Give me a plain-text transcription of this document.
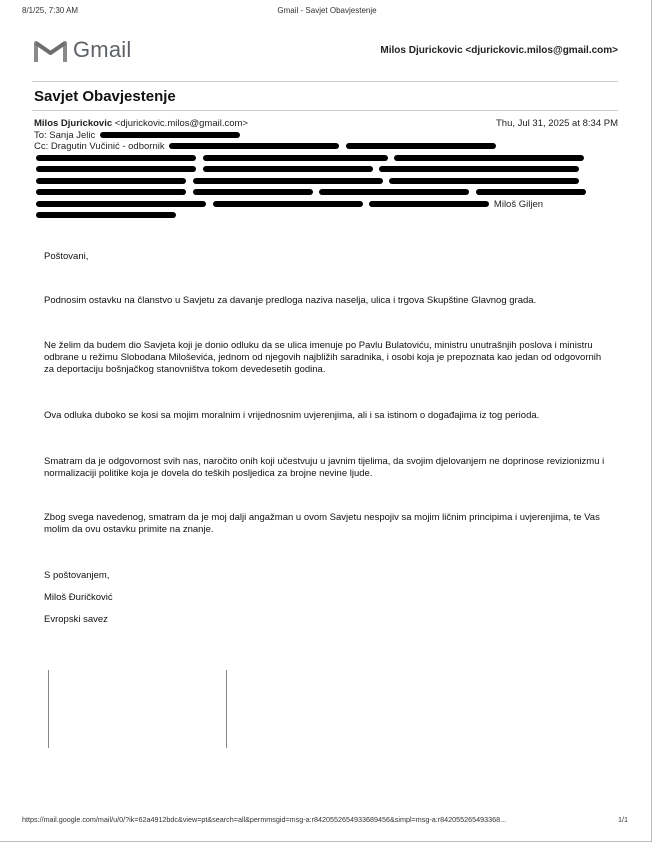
8/1/25, 7:30 AM	Gmail - Savjet Obavjestenje
Gmail	Milos Djurickovic <djurickovic.milos@gmail.com>
Savjet Obavjestenje
Milos Djurickovic <djurickovic.milos@gmail.com>	Thu, Jul 31, 2025 at 8:34 PM
To: Sanja Jelic
Cc: Dragutin Vučinić - odbornik

Miloš Giljen
Poštovani,
Podnosim ostavku na članstvo u Savjetu za davanje predloga naziva naselja, ulica i trgova Skupštine Glavnog grada.
Ne želim da budem dio Savjeta koji je donio odluku da se ulica imenuje po Pavlu Bulatoviću, ministru unutrašnjih poslova i ministru odbrane u režimu Slobodana Miloševića, jednom od njegovih najbližih saradnika, i osobi koja je prepoznata kao jedan od odgovornih za deportaciju bošnjačkog stanovništva tokom devedesetih godina.
Ova odluka duboko se kosi sa mojim moralnim i vrijednosnim uvjerenjima, ali i sa istinom o događajima iz tog perioda.
Smatram da je odgovornost svih nas, naročito onih koji učestvuju u javnim tijelima, da svojim djelovanjem ne doprinose revizionizmu i normalizaciji politike koja je dovela do teških posljedica za brojne nevine ljude.
Zbog svega navedenog, smatram da je moj dalji angažman u ovom Savjetu nespojiv sa mojim ličnim principima i uvjerenjima, te Vas molim da ovu ostavku primite na znanje.
S poštovanjem,
Miloš Đuričković
Evropski savez
https://mail.google.com/mail/u/0/?ik=62a4912bdc&view=pt&search=all&permmsgid=msg-a:r8420552654933689456&simpl=msg-a:r842055265493368...	1/1
